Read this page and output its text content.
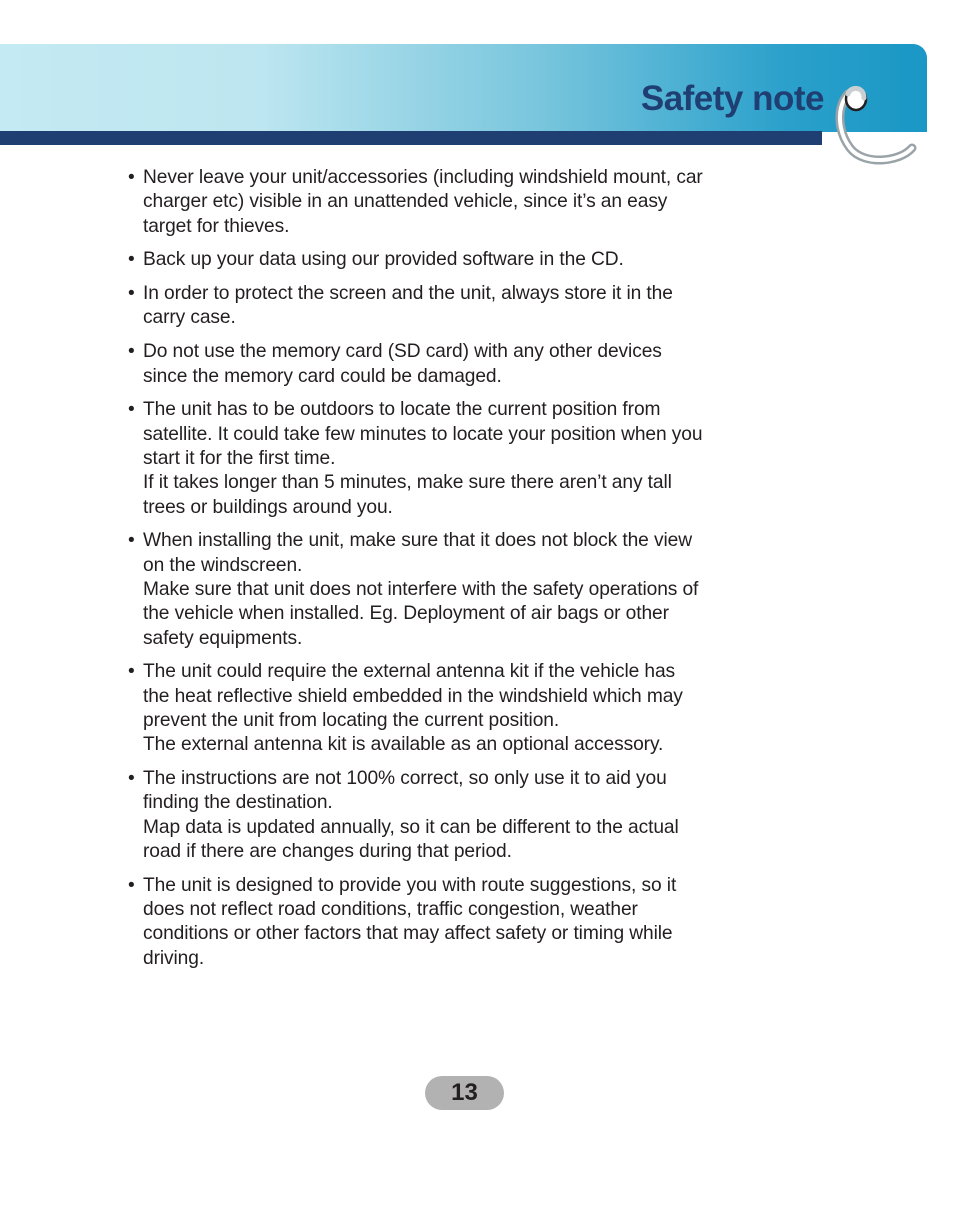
Safety note
• Never leave your unit/accessories (including windshield mount, car
charger etc) visible in an unattended vehicle, since it’s an easy
target for thieves.

• Back up your data using our provided software in the CD.

• In order to protect the screen and the unit, always store it in the
carry case.

• Do not use the memory card (SD card) with any other devices
since the memory card could be damaged.

• The unit has to be outdoors to locate the current position from
satellite. It could take few minutes to locate your position when you
start it for the first time.

If it takes longer than 5 minutes, make sure there aren’t any tall
trees or buildings around you.

• When installing the unit, make sure that it does not block the view
on the windscreen.

Make sure that unit does not interfere with the safety operations of
the vehicle when installed. Eg. Deployment of air bags or other
safety equipments.

• The unit could require the external antenna kit if the vehicle has
the heat reflective shield embedded in the windshield which may
prevent the unit from locating the current position.

The external antenna kit is available as an optional accessory.

• The instructions are not 100% correct, so only use it to aid you
finding the destination.

Map data is updated annually, so it can be different to the actual
road if there are changes during that period.

• The unit is designed to provide you with route suggestions, so it
does not reflect road conditions, traffic congestion, weather
conditions or other factors that may affect safety or timing while
driving.

13
